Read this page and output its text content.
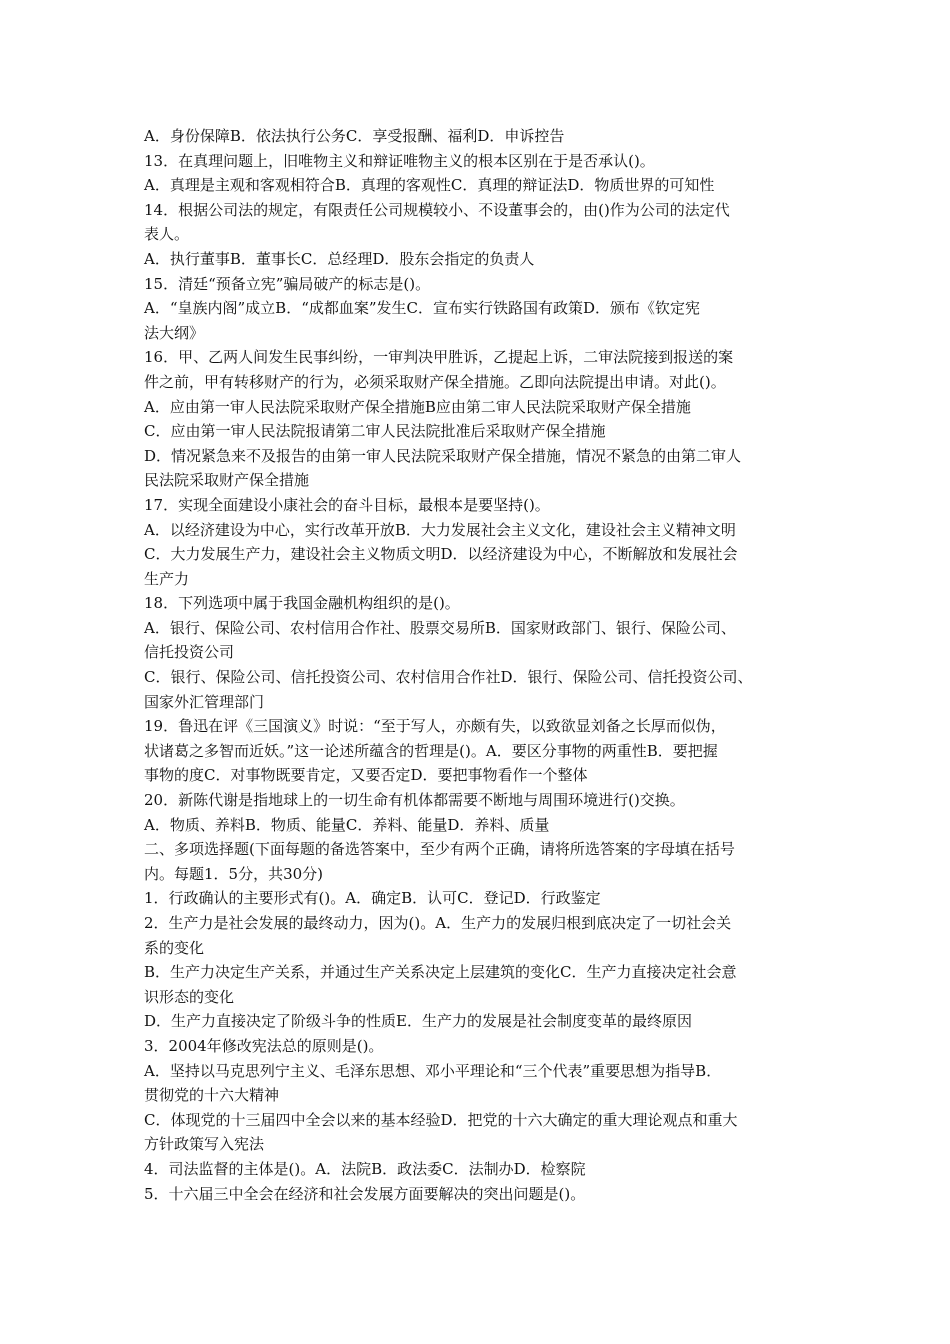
A．身份保障B．依法执行公务C．享受报酬、福利D．申诉控告

13．在真理问题上，旧唯物主义和辩证唯物主义的根本区别在于是否承认()。

A．真理是主观和客观相符合B．真理的客观性C．真理的辩证法D．物质世界的可知性

14．根据公司法的规定，有限责任公司规模较小、不设董事会的，由()作为公司的法定代

表人。

A．执行董事B．董事长C．总经理D．股东会指定的负责人

15．清廷“预备立宪”骗局破产的标志是()。

A．“皇族内阁”成立B．“成都血案”发生C．宣布实行铁路国有政策D．颁布《钦定宪

法大纲》

16．甲、乙两人间发生民事纠纷，一审判决甲胜诉，乙提起上诉，二审法院接到报送的案

件之前，甲有转移财产的行为，必须采取财产保全措施。乙即向法院提出申请。对此()。

A．应由第一审人民法院采取财产保全措施B应由第二审人民法院采取财产保全措施

C．应由第一审人民法院报请第二审人民法院批准后采取财产保全措施

D．情况紧急来不及报告的由第一审人民法院采取财产保全措施，情况不紧急的由第二审人

民法院采取财产保全措施

17．实现全面建设小康社会的奋斗目标，最根本是要坚持()。

A．以经济建设为中心，实行改革开放B．大力发展社会主义文化，建设社会主义精神文明

C．大力发展生产力，建设社会主义物质文明D．以经济建设为中心，不断解放和发展社会

生产力

18．下列选项中属于我国金融机构组织的是()。

A．银行、保险公司、农村信用合作社、股票交易所B．国家财政部门、银行、保险公司、

信托投资公司

C．银行、保险公司、信托投资公司、农村信用合作社D．银行、保险公司、信托投资公司、

国家外汇管理部门

19．鲁迅在评《三国演义》时说：“至于写人，亦颇有失，以致欲显刘备之长厚而似伪，

状诸葛之多智而近妖。”这一论述所蕴含的哲理是()。A．要区分事物的两重性B．要把握

事物的度C．对事物既要肯定，又要否定D．要把事物看作一个整体

20．新陈代谢是指地球上的一切生命有机体都需要不断地与周围环境进行()交换。

A．物质、养料B．物质、能量C．养料、能量D．养料、质量

二、多项选择题(下面每题的备选答案中，至少有两个正确，请将所选答案的字母填在括号

内。每题1．5分，共30分)

1．行政确认的主要形式有()。A．确定B．认可C．登记D．行政鉴定

2．生产力是社会发展的最终动力，因为()。A．生产力的发展归根到底决定了一切社会关

系的变化

B．生产力决定生产关系，并通过生产关系决定上层建筑的变化C．生产力直接决定社会意

识形态的变化

D．生产力直接决定了阶级斗争的性质E．生产力的发展是社会制度变革的最终原因

3．2004年修改宪法总的原则是()。

A．坚持以马克思列宁主义、毛泽东思想、邓小平理论和“三个代表”重要思想为指导B．

贯彻党的十六大精神

C．体现党的十三届四中全会以来的基本经验D．把党的十六大确定的重大理论观点和重大

方针政策写入宪法

4．司法监督的主体是()。A．法院B．政法委C．法制办D．检察院

5．十六届三中全会在经济和社会发展方面要解决的突出问题是()。
